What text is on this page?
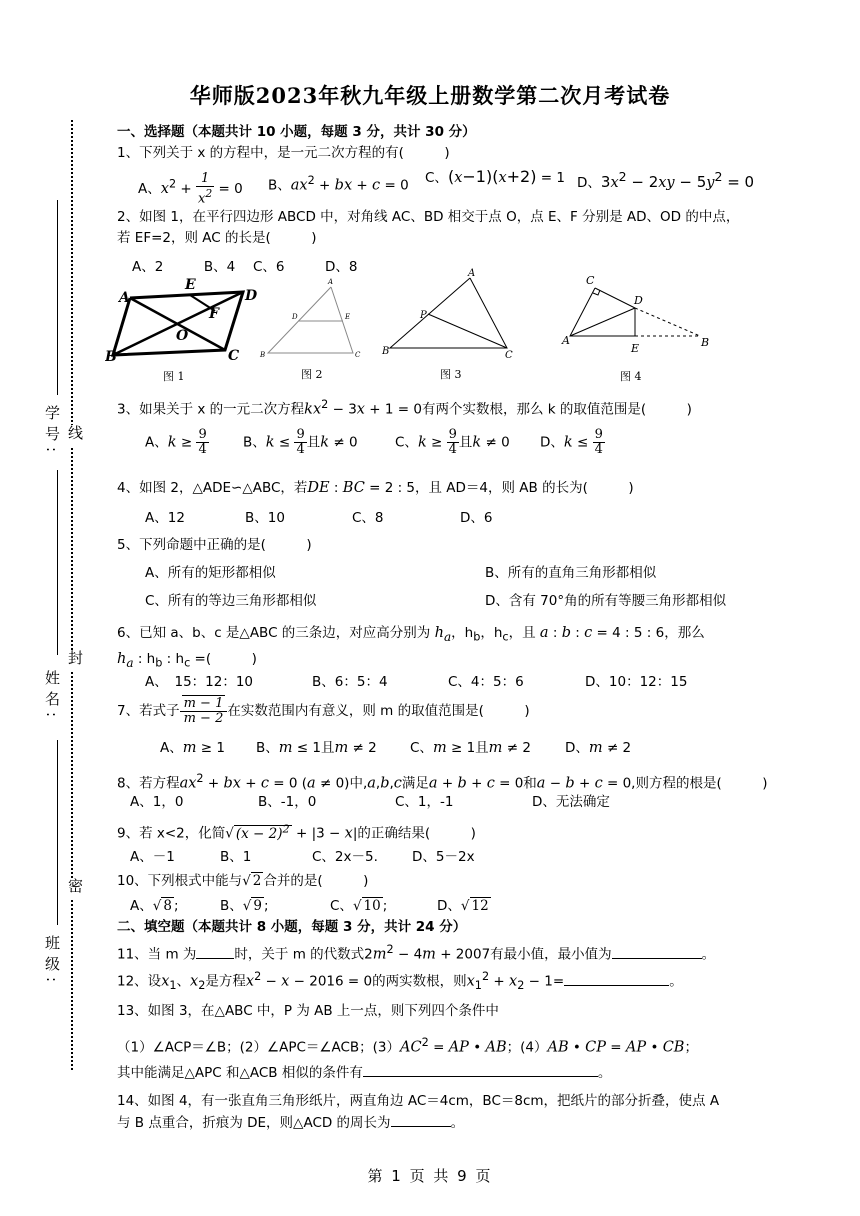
华师版2023年秋九年级上册数学第二次月考试卷
学号: 线
姓名:
封
班级:
密
一、选择题（本题共计 10 小题，每题 3 分，共计 30 分）
1、下列关于 x 的方程中，是一元二次方程的有(　　　)
A、$x^2 + \frac{1}{x^2} = 0$ B、$ax^2$ + bx + c = 0 C、(x−1)(x+2) = 1 D、$3x^2 - 2xy - 5y^2 = 0$
2、如图 1，在平行四边形 ABCD 中，对角线 AC、BD 相交于点 O，点 E、F 分别是 AD、OD 的中点，
若 EF=2，则 AC 的长是(　　　)
A、2　　　B、4　 C、6　　　D、8
A
E
D
F
O
B	C
图 1
A
D	E
B	C
图 2
A
P
B	C
图 3
C
D
A
E	B
图 4
3、如果关于 x 的一元二次方程$kx^2 - 3x + 1 = 0$有两个实数根，那么 k 的取值范围是(　　　)
A、$k \ge \frac{9}{4}$	B、$k \le \frac{9}{4}$ 且k ≠ 0	C、$k \ge \frac{9}{4}$ 且k ≠ 0 D、$k \le \frac{9}{4}$
4、如图 2，△ADE∽△ABC，若DE : BC = 2 : 5，且 AD＝4，则 AB 的长为(　　　)
A、12	B、10	C、8	D、6
5、下列命题中正确的是(　　　)
A、所有的矩形都相似	B、所有的直角三角形都相似
C、所有的等边三角形都相似	D、含有 70°角的所有等腰三角形都相似
6、已知 a、b、c 是△ABC 的三条边，对应高分别为 $h_a$，$h_b$，$h_c$，且 a : b : c = 4 : 5 : 6，那么
$h_a$ : $h_b$ : $h_c$ =(　　　)
A、　15：12：10	B、6：5：4	C、4：5：6	D、10：12：15
7、若式子 $\frac{m - 1}{m - 2}$ 在实数范围内有意义，则 m 的取值范围是(　　　)
A、m ≥ 1 B、m ≤ 1且m ≠ 2 C、m ≥ 1且m ≠ 2	D、m ≠ 2
8、若方程$ax^2$ + bx + c = 0 (a ≠ 0)中,a,b,c满足a + b + c = 0和a − b + c = 0,则方程的根是(　　　)
A、1，0	B、-1，0	C、1，-1	D、无法确定
9、若 x<2，化简√ $(x - 2)^2 + |3 - x|$的正确结果(　　　)
A、－1	B、1	C、2x－5.	D、5－2x
10、下列根式中能与√ 2 合并的是(　　　)
A、√ 8 ;	B、√ 9 ;	C、√ 10 ;	D、√ 12
二、填空题（本题共计 8 小题，每题 3 分，共计 24 分）
11、当 m 为	时，关于 m 的代数式$2m^2 - 4m + 2007$有最小值，最小值为	。
12、设$x_1$、$x_2$是方程$x^2 - x - 2016 = 0$的两实数根，则$x_1^2 + x_2 - 1=$	。
13、如图 3，在△ABC 中，P 为 AB 上一点，则下列四个条件中
（1）∠ACP＝∠B；(2）∠APC＝∠ACB；$(3)AC^2$ = AP • AB；(4）AB • CP = AP • CB；
其中能满足△APC 和△ACB 相似的条件有	。
14、如图 4，有一张直角三角形纸片，两直角边 AC＝4cm，BC＝8cm，把纸片的部分折叠，使点 A
与 B 点重合，折痕为 DE，则△ACD 的周长为	。
第 1 页 共 9 页
